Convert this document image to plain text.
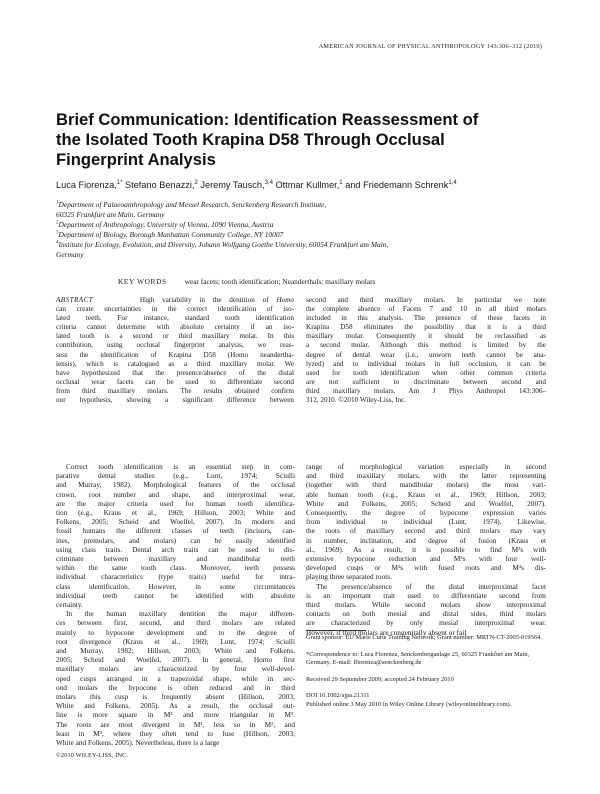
AMERICAN JOURNAL OF PHYSICAL ANTHROPOLOGY 143:306–312 (2010)
Brief Communication: Identification Reassessment of
the Isolated Tooth Krapina D58 Through Occlusal
Fingerprint Analysis
Luca Fiorenza,$^{1*}$ Stefano Benazzi,$^2$ Jeremy Tausch,$^{3,4}$ Ottmar Kullmer,$^1$ and Friedemann Schrenk$^{1,4}$
$^1$Department of Palaeoanthropology and Messel Research, Senckenberg Research Institute,
60325 Frankfurt am Main, Germany
$^2$Department of Anthropology, University of Vienna, 1090 Vienna, Austria
$^3$Department of Biology, Borough Manhattan Community College, NY 10007
$^4$Institute for Ecology, Evolution, and Diversity, Johann Wolfgang Goethe University, 60054 Frankfurt am Main,
Germany
KEY WORDS wear facets; tooth identification; Neanderthals; maxillary molars
ABSTRACT	High variability in the dentition of Homo
can create uncertainties in the correct identification of iso-
lated teeth. For instance, standard tooth identification
criteria cannot determine with absolute certainty if an iso-
lated tooth is a second or third maxillary molar. In this
contribution, using occlusal fingerprint analysis, we reas-
sess the identification of Krapina D58 (Homo neandertha-
lensis), which is catalogued as a third maxillary molar. We
have hypothesized that the presence/absence of the distal
occlusal wear facets can be used to differentiate second
from third maxillary molars. The results obtained confirm
our hypothesis, showing a significant difference between
second and third maxillary molars. In particular we note
the complete absence of Facets 7 and 10 in all third molars
included in this analysis. The presence of these facets in
Krapina D58 eliminates the possibility that it is a third
maxillary molar. Consequently it should be reclassified as
a second molar. Although this method is limited by the
degree of dental wear (i.e., unworn teeth cannot be ana-
lyzed) and to individual molars in full occlusion, it can be
used for tooth identification when other common criteria
are not sufficient to discriminate between second and
third maxillary molars. Am J Phys Anthropol 143:306–
312, 2010. ©2010 Wiley-Liss, Inc.
Correct tooth identification is an essential step in com-
parative dental studies (e.g., Lunt, 1974; Sciulli
and Murray, 1982). Morphological features of the occlusal
crown, root number and shape, and interproximal wear,
are the major criteria used for human tooth identifica-
tion (e.g., Kraus et al., 1969; Hillson, 2003; White and
Folkens, 2005; Scheid and Woelfel, 2007). In modern and
fossil humans the different classes of teeth (incisors, can-
ines, premolars, and molars) can be easily identified
using class traits. Dental arch traits can be used to dis-
criminate between maxillary and mandibular teeth
within the same tooth class. Moreover, teeth possess
individual characteristics (type traits) useful for intra-
class identification. However, in some circumstances
individual teeth cannot be identified with absolute
certainty.
In the human maxillary dentition the major differen-
ces between first, second, and third molars are related
mainly to hypocone development and to the degree of
root divergence (Kraus et al., 1969; Lunt, 1974; Sciulli
and Murray, 1982; Hillson, 2003; White and Folkens,
2005; Scheid and Woelfel, 2007). In general, Homo first
maxillary molars are characterized by four well-devel-
oped cusps arranged in a trapezoidal shape, while in sec-
ond molars the hypocone is often reduced and in third
molars this cusp is frequently absent (Hillson, 2003;
White and Folkens, 2005). As a result, the occlusal out-
line is more square in M² and more triangular in M³.
The roots are most divergent in M¹, less so in M², and
least in M³, where they often tend to fuse (Hillson, 2003;
White and Folkens, 2005). Nevertheless, there is a large
range of morphological variation especially in second
and third maxillary molars, with the latter representing
(together with third mandibular molars) the most vari-
able human tooth (e.g., Kraus et al., 1969; Hillson, 2003;
White and Folkens, 2005; Scheid and Woelfel, 2007).
Consequently, the degree of hypocone expression varies
from individual to individual (Lunt, 1974). Likewise,
the roots of maxillary second and third molars may vary
in number, inclination, and degree of fusion (Kraus et
al., 1969). As a result, it is possible to find M²s with
extensive hypocone reduction and M³s with four well-
developed cusps or M²s with fused roots and M³s dis-
playing three separated roots.
The presence/absence of the distal interproximal facet
is an important trait used to differentiate second from
third molars. While second molars show interproximal
contacts on both mesial and distal sides, third molars
are characterized by only mesial interproximal wear.
However, if third molars are congenitally absent or fail
Grant sponsor: EU Marie Curie Training Network; Grant number: MRTN-CT-2005-019564.
*Correspondence to: Luca Fiorenza, Senckenberganlage 25, 60325 Frankfurt am Main, Germany. E-mail: lfiorenza@senckenberg.de
Received 29 September 2009; accepted 24 February 2010
DOI 10.1002/ajpa.21311
Published online 3 May 2010 in Wiley Online Library (wileyonlinelibrary.com).
©2010 WILEY-LISS, INC.
